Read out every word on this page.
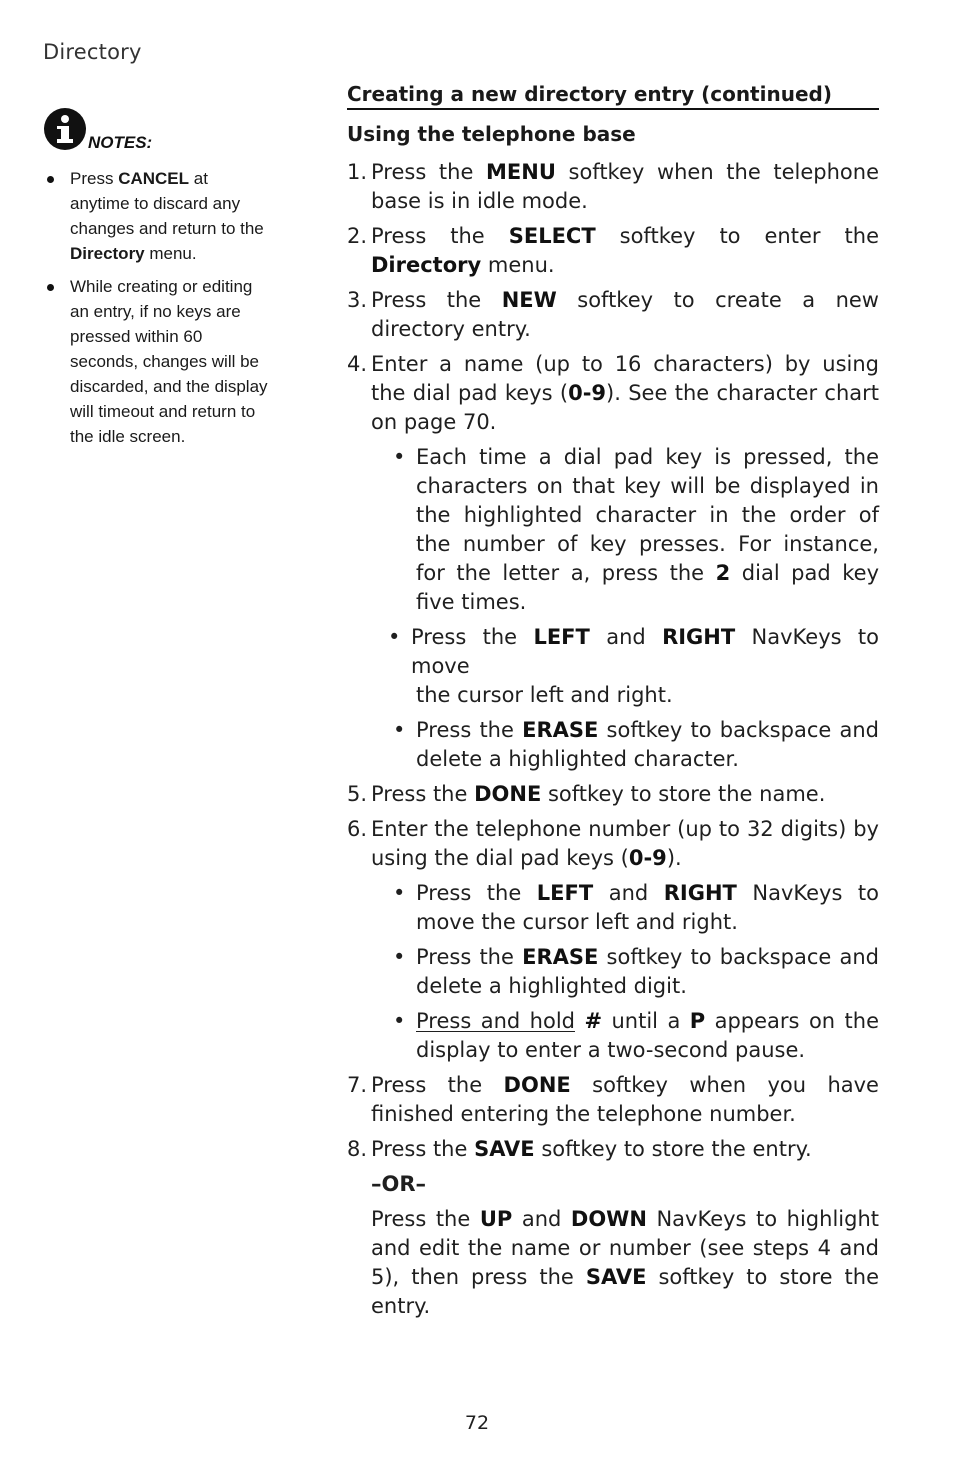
Directory
NOTES:
Press CANCEL at anytime to discard any changes and return to the Directory menu.
While creating or editing an entry, if no keys are pressed within 60 seconds, changes will be discarded, and the display will timeout and return to the idle screen.
Creating a new directory entry (continued)
Using the telephone base
1. Press the MENU softkey when the telephone base is in idle mode.
2. Press the SELECT softkey to enter the Directory menu.
3. Press the NEW softkey to create a new directory entry.
4. Enter a name (up to 16 characters) by using the dial pad keys (0-9). See the character chart on page 70.
• Each time a dial pad key is pressed, the characters on that key will be displayed in the highlighted character in the order of the number of key presses. For instance, for the letter a, press the 2 dial pad key five times.
• Press the LEFT and RIGHT NavKeys to move
the cursor left and right.
• Press the ERASE softkey to backspace and delete a highlighted character.
5. Press the DONE softkey to store the name.
6. Enter the telephone number (up to 32 digits) by using the dial pad keys (0-9).
• Press the LEFT and RIGHT NavKeys to move the cursor left and right.
• Press the ERASE softkey to backspace and delete a highlighted digit.
• Press and hold # until a P appears on the display to enter a two-second pause.
7. Press the DONE softkey when you have finished entering the telephone number.
8. Press the SAVE softkey to store the entry.
–OR–
Press the UP and DOWN NavKeys to highlight and edit the name or number (see steps 4 and 5), then press the SAVE softkey to store the entry.
72
